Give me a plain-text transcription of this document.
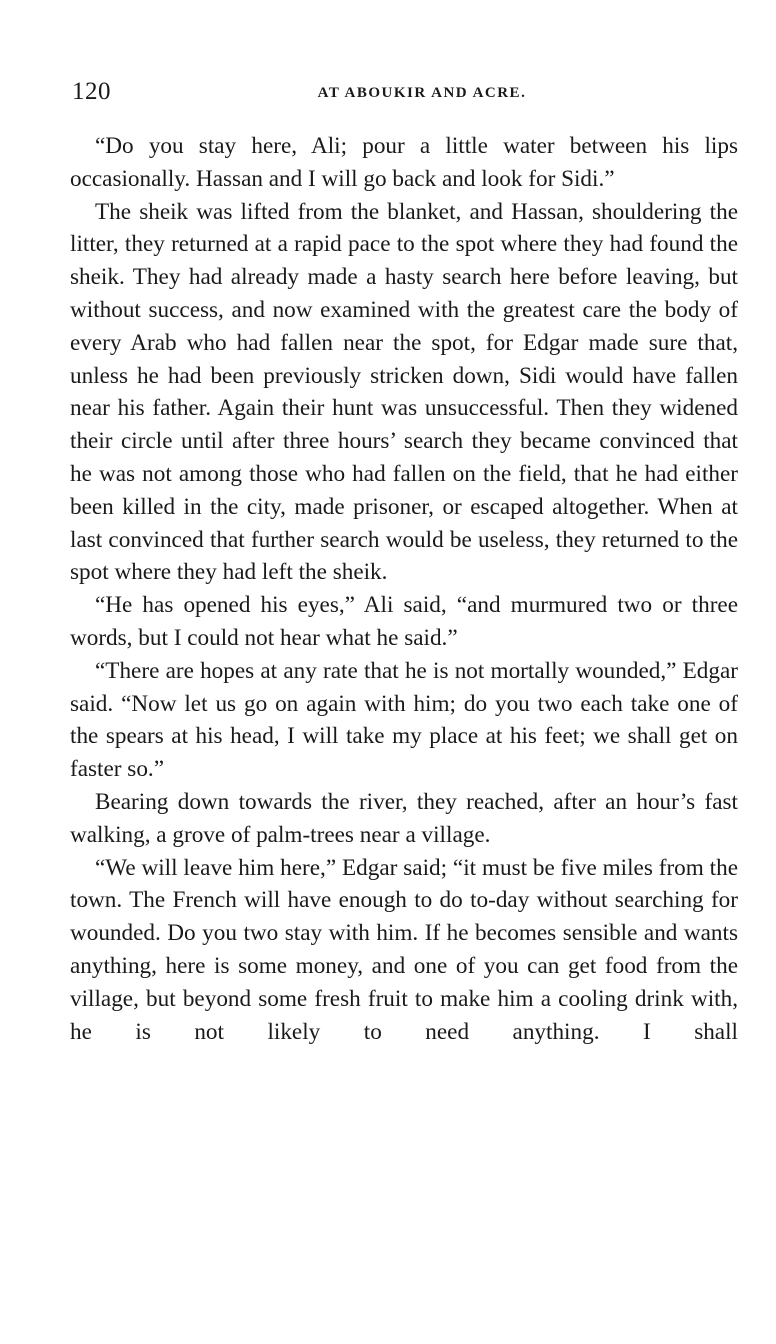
120	AT ABOUKIR AND ACRE.

“Do you stay here, Ali; pour a little water between his lips occasionally. Hassan and I will go back and look for Sidi.”

The sheik was lifted from the blanket, and Hassan, shouldering the litter, they returned at a rapid pace to the spot where they had found the sheik. They had already made a hasty search here before leaving, but without success, and now examined with the greatest care the body of every Arab who had fallen near the spot, for Edgar made sure that, unless he had been previously stricken down, Sidi would have fallen near his father. Again their hunt was unsuccessful. Then they widened their circle until after three hours’ search they became convinced that he was not among those who had fallen on the field, that he had either been killed in the city, made prisoner, or escaped altogether. When at last convinced that further search would be useless, they returned to the spot where they had left the sheik.

“He has opened his eyes,” Ali said, “and murmured two or three words, but I could not hear what he said.”

“There are hopes at any rate that he is not mortally wounded,” Edgar said. “Now let us go on again with him; do you two each take one of the spears at his head, I will take my place at his feet; we shall get on faster so.”

Bearing down towards the river, they reached, after an hour’s fast walking, a grove of palm-trees near a village.

“We will leave him here,” Edgar said; “it must be five miles from the town. The French will have enough to do to-day without searching for wounded. Do you two stay with him. If he becomes sensible and wants anything, here is some money, and one of you can get food from the village, but beyond some fresh fruit to make him a cooling drink with, he is not likely to need anything. I shall
